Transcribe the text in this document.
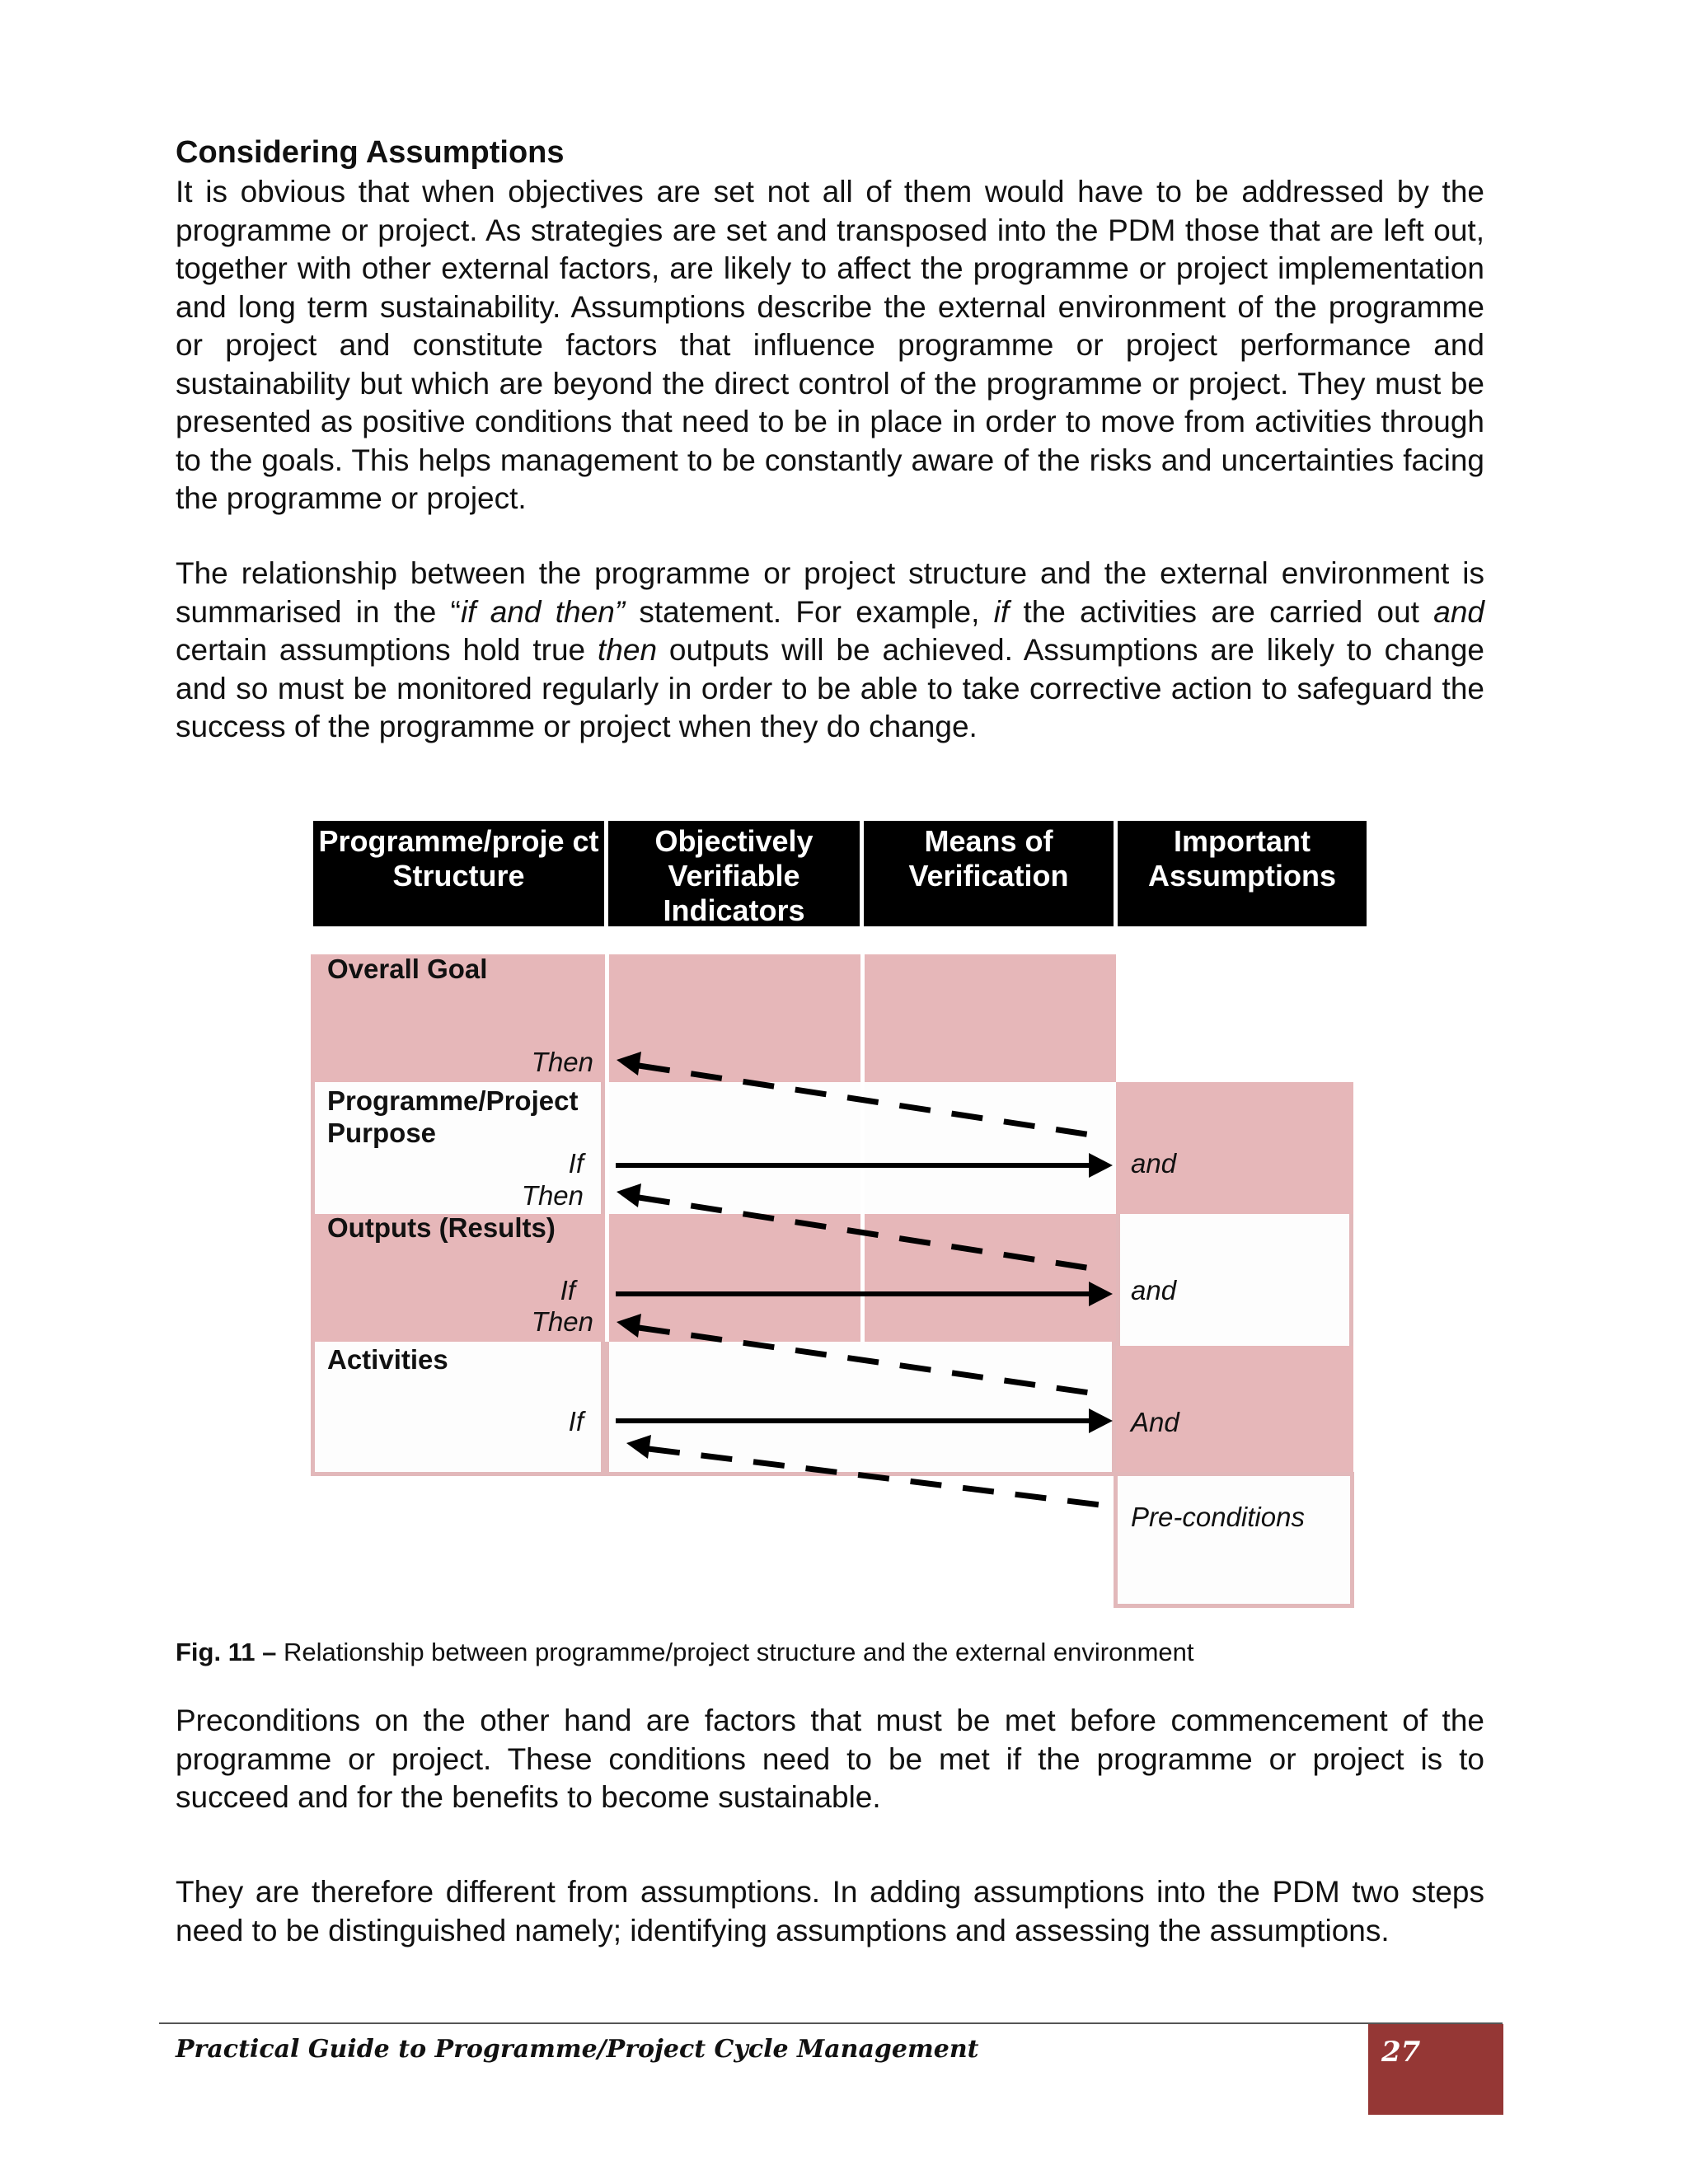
Considering Assumptions

It is obvious that when objectives are set not all of them would have to be addressed by the programme or project. As strategies are set and transposed into the PDM those that are left out, together with other external factors, are likely to affect the programme or project implementation and long term sustainability. Assumptions describe the external environment of the programme or project and constitute factors that influence programme or project performance and sustainability but which are beyond the direct control of the programme or project. They must be presented as positive conditions that need to be in place in order to move from activities through to the goals. This helps management to be constantly aware of the risks and uncertainties facing the programme or project.

The relationship between the programme or project structure and the external environment is summarised in the “if and then” statement. For example, if the activities are carried out and certain assumptions hold true then outputs will be achieved. Assumptions are likely to change and so must be monitored regularly in order to be able to take corrective action to safeguard the success of the programme or project when they do change.

Programme/proje ct Structure
Objectively Verifiable Indicators
Means of Verification
Important Assumptions
Overall Goal
Programme/Project Purpose
Outputs (Results)
Activities
Then
If
Then
If
Then
If
and
and
And
Pre-conditions
Fig. 11 – Relationship between programme/project structure and the external environment

Preconditions on the other hand are factors that must be met before commencement of the programme or project. These conditions need to be met if the programme or project is to succeed and for the benefits to become sustainable.

They are therefore different from assumptions. In adding assumptions into the PDM two steps need to be distinguished namely; identifying assumptions and assessing the assumptions.

Practical Guide to Programme/Project Cycle Management	27
